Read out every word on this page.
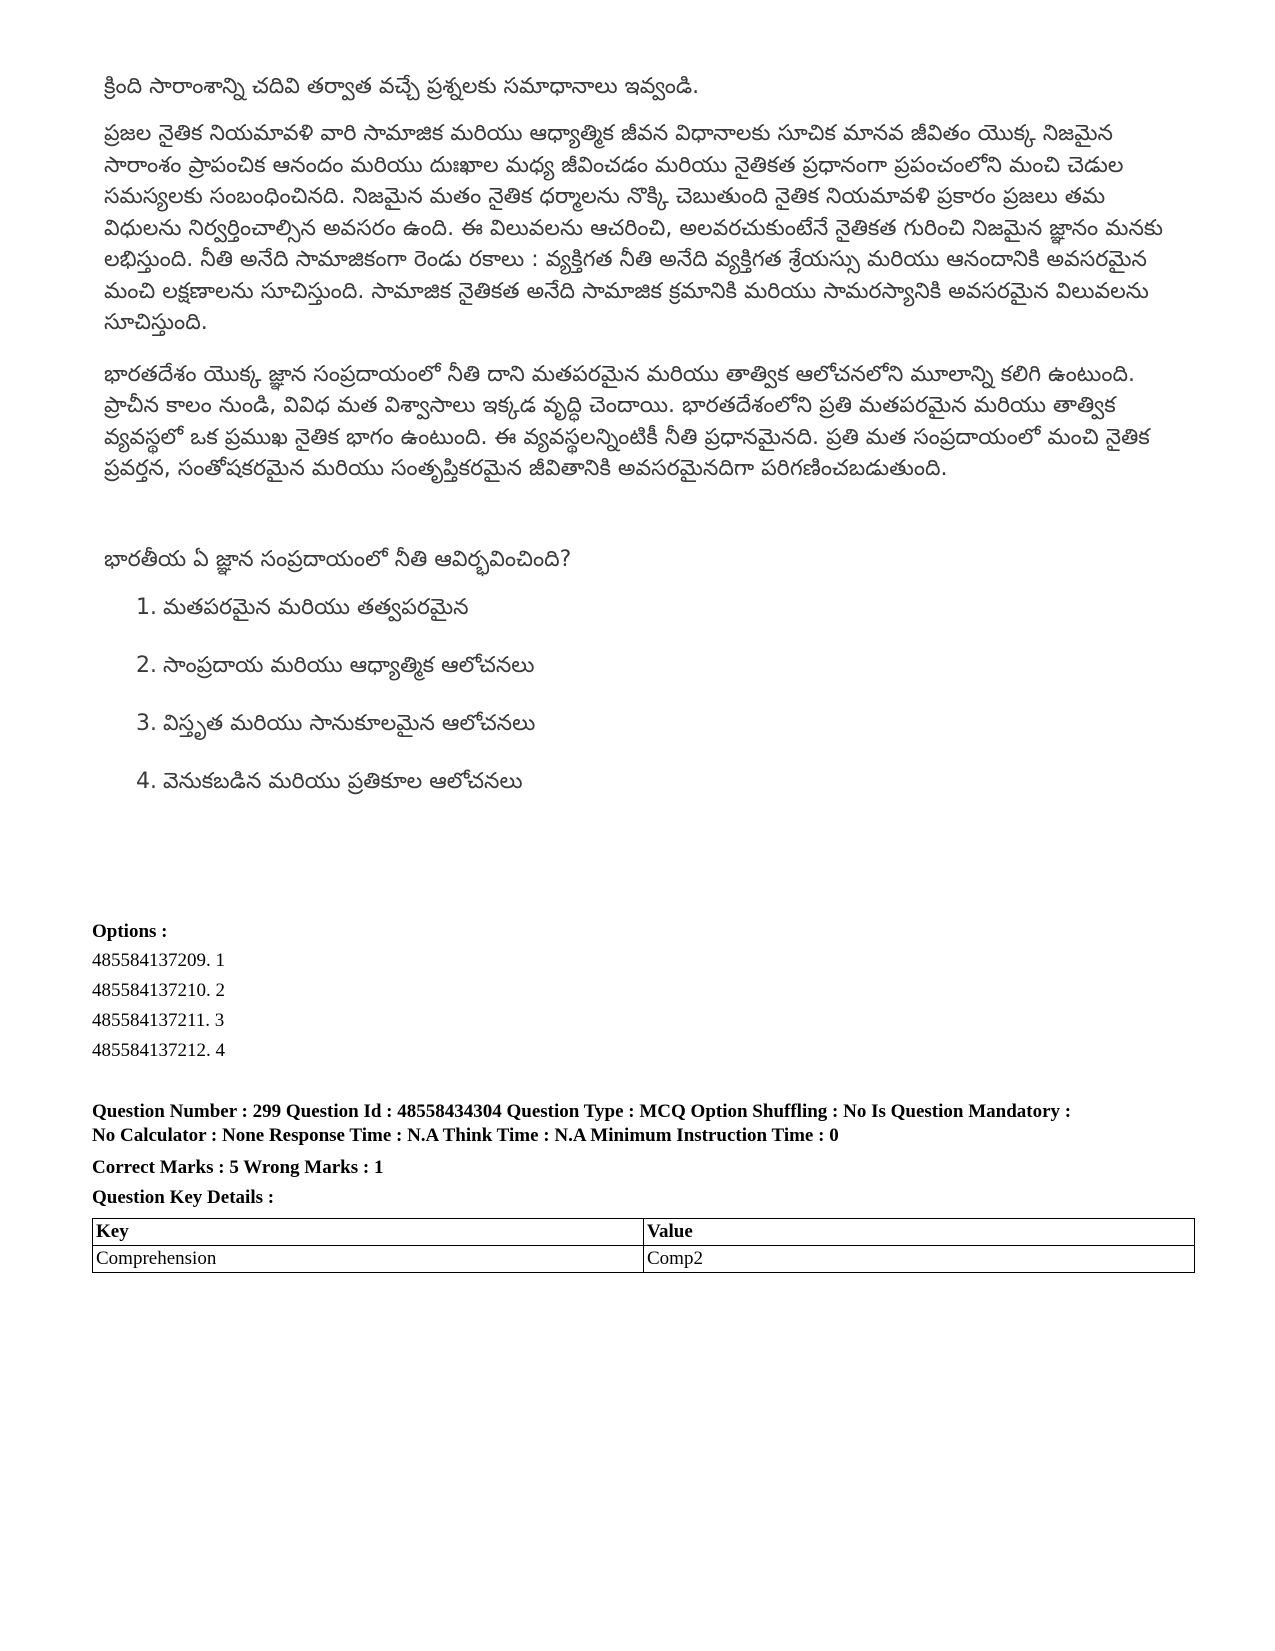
క్రింది సారాంశాన్ని చదివి తర్వాత వచ్చే ప్రశ్నలకు సమాధానాలు ఇవ్వండి.

ప్రజల నైతిక నియమావళి వారి సామాజిక మరియు ఆధ్యాత్మిక జీవన విధానాలకు సూచిక మానవ జీవితం యొక్క నిజమైన సారాంశం ప్రాపంచిక ఆనందం మరియు దుఃఖాల మధ్య జీవించడం మరియు నైతికత ప్రధానంగా ప్రపంచంలోని మంచి చెడుల సమస్యలకు సంబంధించినది. నిజమైన మతం నైతిక ధర్మాలను నొక్కి చెబుతుంది నైతిక నియమావళి ప్రకారం ప్రజలు తమ విధులను నిర్వర్తించాల్సిన అవసరం ఉంది. ఈ విలువలను ఆచరించి, అలవరచుకుంటేనే నైతికత గురించి నిజమైన జ్ఞానం మనకు లభిస్తుంది. నీతి అనేది సామాజికంగా రెండు రకాలు : వ్యక్తిగత నీతి అనేది వ్యక్తిగత శ్రేయస్సు మరియు ఆనందానికి అవసరమైన మంచి లక్షణాలను సూచిస్తుంది. సామాజిక నైతికత అనేది సామాజిక క్రమానికి మరియు సామరస్యానికి అవసరమైన విలువలను సూచిస్తుంది.

భారతదేశం యొక్క జ్ఞాన సంప్రదాయంలో నీతి దాని మతపరమైన మరియు తాత్విక ఆలోచనలోని మూలాన్ని కలిగి ఉంటుంది. ప్రాచీన కాలం నుండి, వివిధ మత విశ్వాసాలు ఇక్కడ వృద్ధి చెందాయి. భారతదేశంలోని ప్రతి మతపరమైన మరియు తాత్విక వ్యవస్థలో ఒక ప్రముఖ నైతిక భాగం ఉంటుంది. ఈ వ్యవస్థలన్నింటికీ నీతి ప్రధానమైనది. ప్రతి మత సంప్రదాయంలో మంచి నైతిక ప్రవర్తన, సంతోషకరమైన మరియు సంతృప్తికరమైన జీవితానికి అవసరమైనదిగా పరిగణించబడుతుంది.

భారతీయ ఏ జ్ఞాన సంప్రదాయంలో నీతి ఆవిర్భవించింది?

1. మతపరమైన మరియు తత్వపరమైన
2. సాంప్రదాయ మరియు ఆధ్యాత్మిక ఆలోచనలు
3. విస్తృత మరియు సానుకూలమైన ఆలోచనలు
4. వెనుకబడిన మరియు ప్రతికూల ఆలోచనలు
Options :
485584137209. 1
485584137210. 2
485584137211. 3
485584137212. 4
Question Number : 299 Question Id : 48558434304 Question Type : MCQ Option Shuffling : No Is Question Mandatory :
No Calculator : None Response Time : N.A Think Time : N.A Minimum Instruction Time : 0
Correct Marks : 5 Wrong Marks : 1
Question Key Details :
Key	Value
Comprehension	Comp2
